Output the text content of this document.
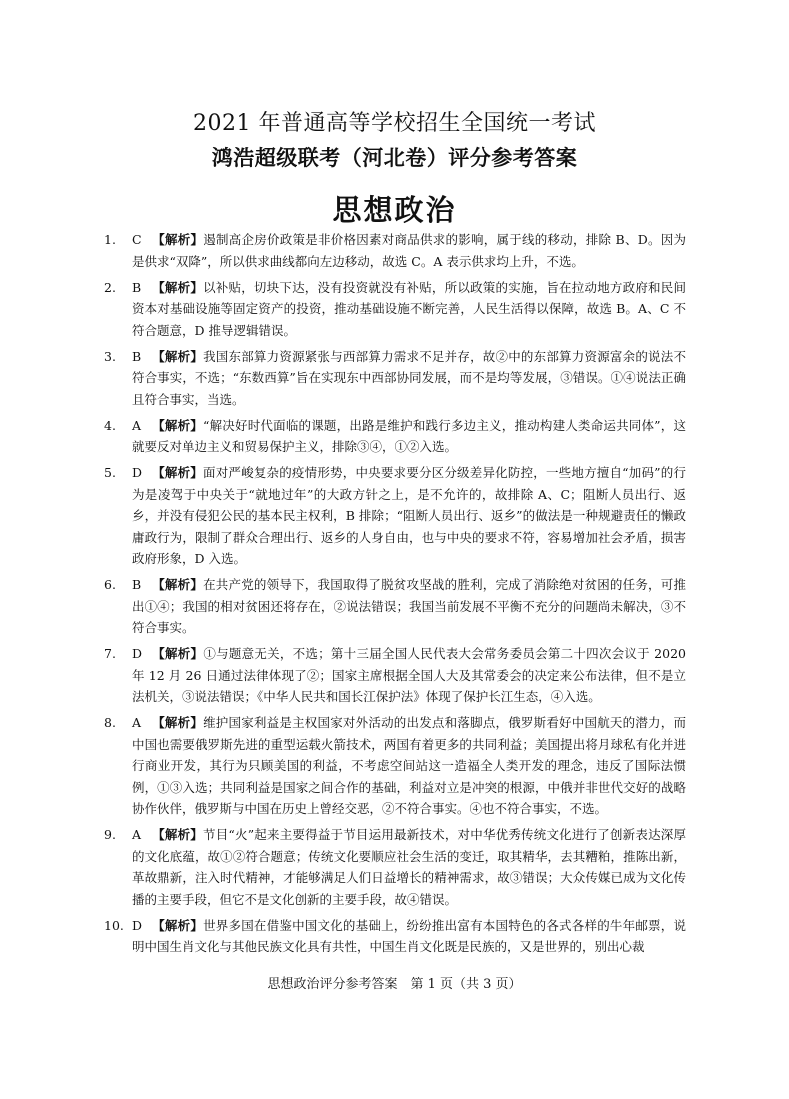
2021 年普通高等学校招生全国统一考试
鸿浩超级联考（河北卷）评分参考答案
思想政治

1. C 【解析】遏制高企房价政策是非价格因素对商品供求的影响，属于线的移动，排除 B、D。因为是供求“双降”，所以供求曲线都向左边移动，故选 C。A 表示供求均上升，不选。

2. B 【解析】以补贴，切块下达，没有投资就没有补贴，所以政策的实施，旨在拉动地方政府和民间资本对基础设施等固定资产的投资，推动基础设施不断完善，人民生活得以保障，故选 B。A、C 不符合题意，D 推导逻辑错误。

3. B 【解析】我国东部算力资源紧张与西部算力需求不足并存，故②中的东部算力资源富余的说法不符合事实，不选；“东数西算”旨在实现东中西部协同发展，而不是均等发展，③错误。①④说法正确且符合事实，当选。

4. A 【解析】“解决好时代面临的课题，出路是维护和践行多边主义，推动构建人类命运共同体”，这就要反对单边主义和贸易保护主义，排除③④，①②入选。

5. D 【解析】面对严峻复杂的疫情形势，中央要求要分区分级差异化防控，一些地方擅自“加码”的行为是凌驾于中央关于“就地过年”的大政方针之上，是不允许的，故排除 A、C；阻断人员出行、返乡，并没有侵犯公民的基本民主权利，B 排除；“阻断人员出行、返乡”的做法是一种规避责任的懒政庸政行为，限制了群众合理出行、返乡的人身自由，也与中央的要求不符，容易增加社会矛盾，损害政府形象，D 入选。

6. B 【解析】在共产党的领导下，我国取得了脱贫攻坚战的胜利，完成了消除绝对贫困的任务，可推出①④；我国的相对贫困还将存在，②说法错误；我国当前发展不平衡不充分的问题尚未解决，③不符合事实。

7. D 【解析】①与题意无关，不选；第十三届全国人民代表大会常务委员会第二十四次会议于 2020 年 12 月 26 日通过法律体现了②；国家主席根据全国人大及其常委会的决定来公布法律，但不是立法机关，③说法错误；《中华人民共和国长江保护法》体现了保护长江生态，④入选。

8. A 【解析】维护国家利益是主权国家对外活动的出发点和落脚点，俄罗斯看好中国航天的潜力，而中国也需要俄罗斯先进的重型运载火箭技术，两国有着更多的共同利益；美国提出将月球私有化并进行商业开发，其行为只顾美国的利益，不考虑空间站这一造福全人类开发的理念，违反了国际法惯例，①③入选；共同利益是国家之间合作的基础，利益对立是冲突的根源，中俄并非世代交好的战略协作伙伴，俄罗斯与中国在历史上曾经交恶，②不符合事实。④也不符合事实，不选。

9. A 【解析】节目“火”起来主要得益于节目运用最新技术，对中华优秀传统文化进行了创新表达深厚的文化底蕴，故①②符合题意；传统文化要顺应社会生活的变迁，取其精华，去其糟粕，推陈出新，革故鼎新，注入时代精神，才能够满足人们日益增长的精神需求，故③错误；大众传媒已成为文化传播的主要手段，但它不是文化创新的主要手段，故④错误。

10. D 【解析】世界多国在借鉴中国文化的基础上，纷纷推出富有本国特色的各式各样的牛年邮票，说明中国生肖文化与其他民族文化具有共性，中国生肖文化既是民族的，又是世界的，别出心裁

思想政治评分参考答案　第 1 页（共 3 页）
